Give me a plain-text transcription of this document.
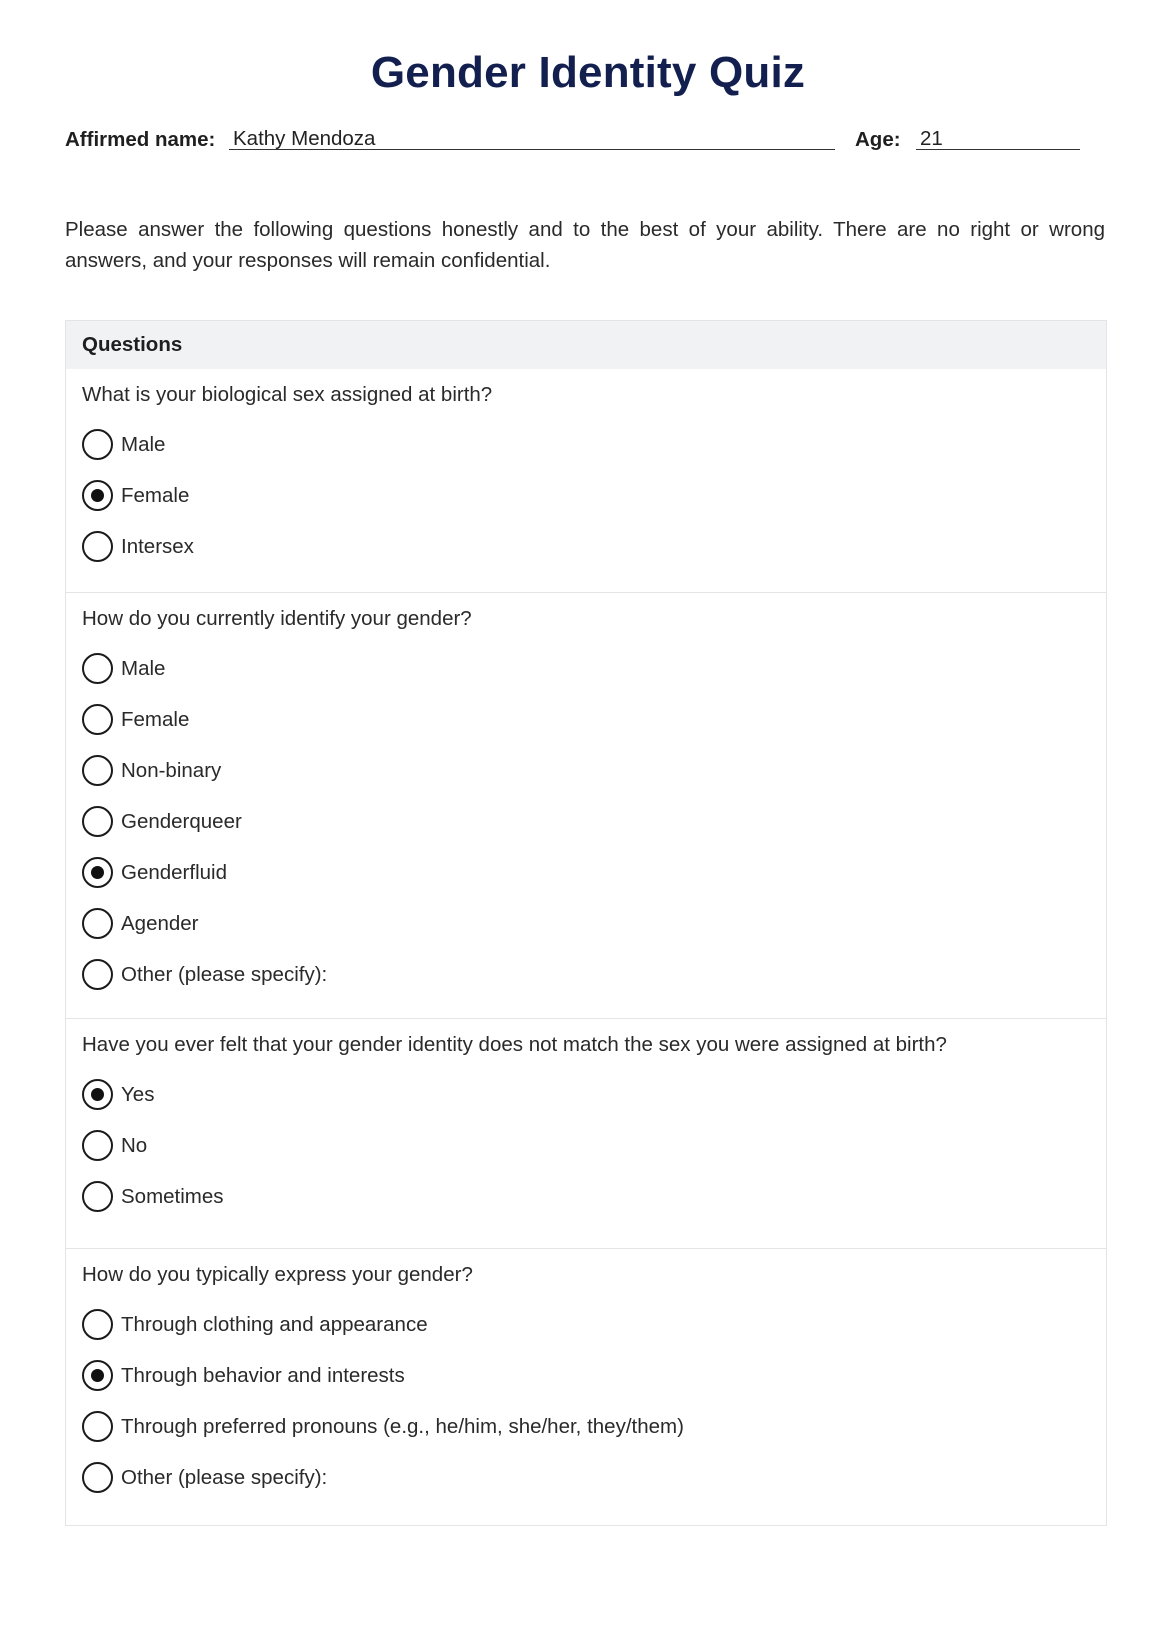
Gender Identity Quiz
Affirmed name: Kathy Mendoza	Age: 21
Please answer the following questions honestly and to the best of your ability. There are no right or wrong answers, and your responses will remain confidential.
Questions
What is your biological sex assigned at birth?
Male
Female
Intersex
How do you currently identify your gender?
Male
Female
Non-binary
Genderqueer
Genderfluid
Agender
Other (please specify):
Have you ever felt that your gender identity does not match the sex you were assigned at birth?
Yes
No
Sometimes
How do you typically express your gender?
Through clothing and appearance
Through behavior and interests
Through preferred pronouns (e.g., he/him, she/her, they/them)
Other (please specify):
